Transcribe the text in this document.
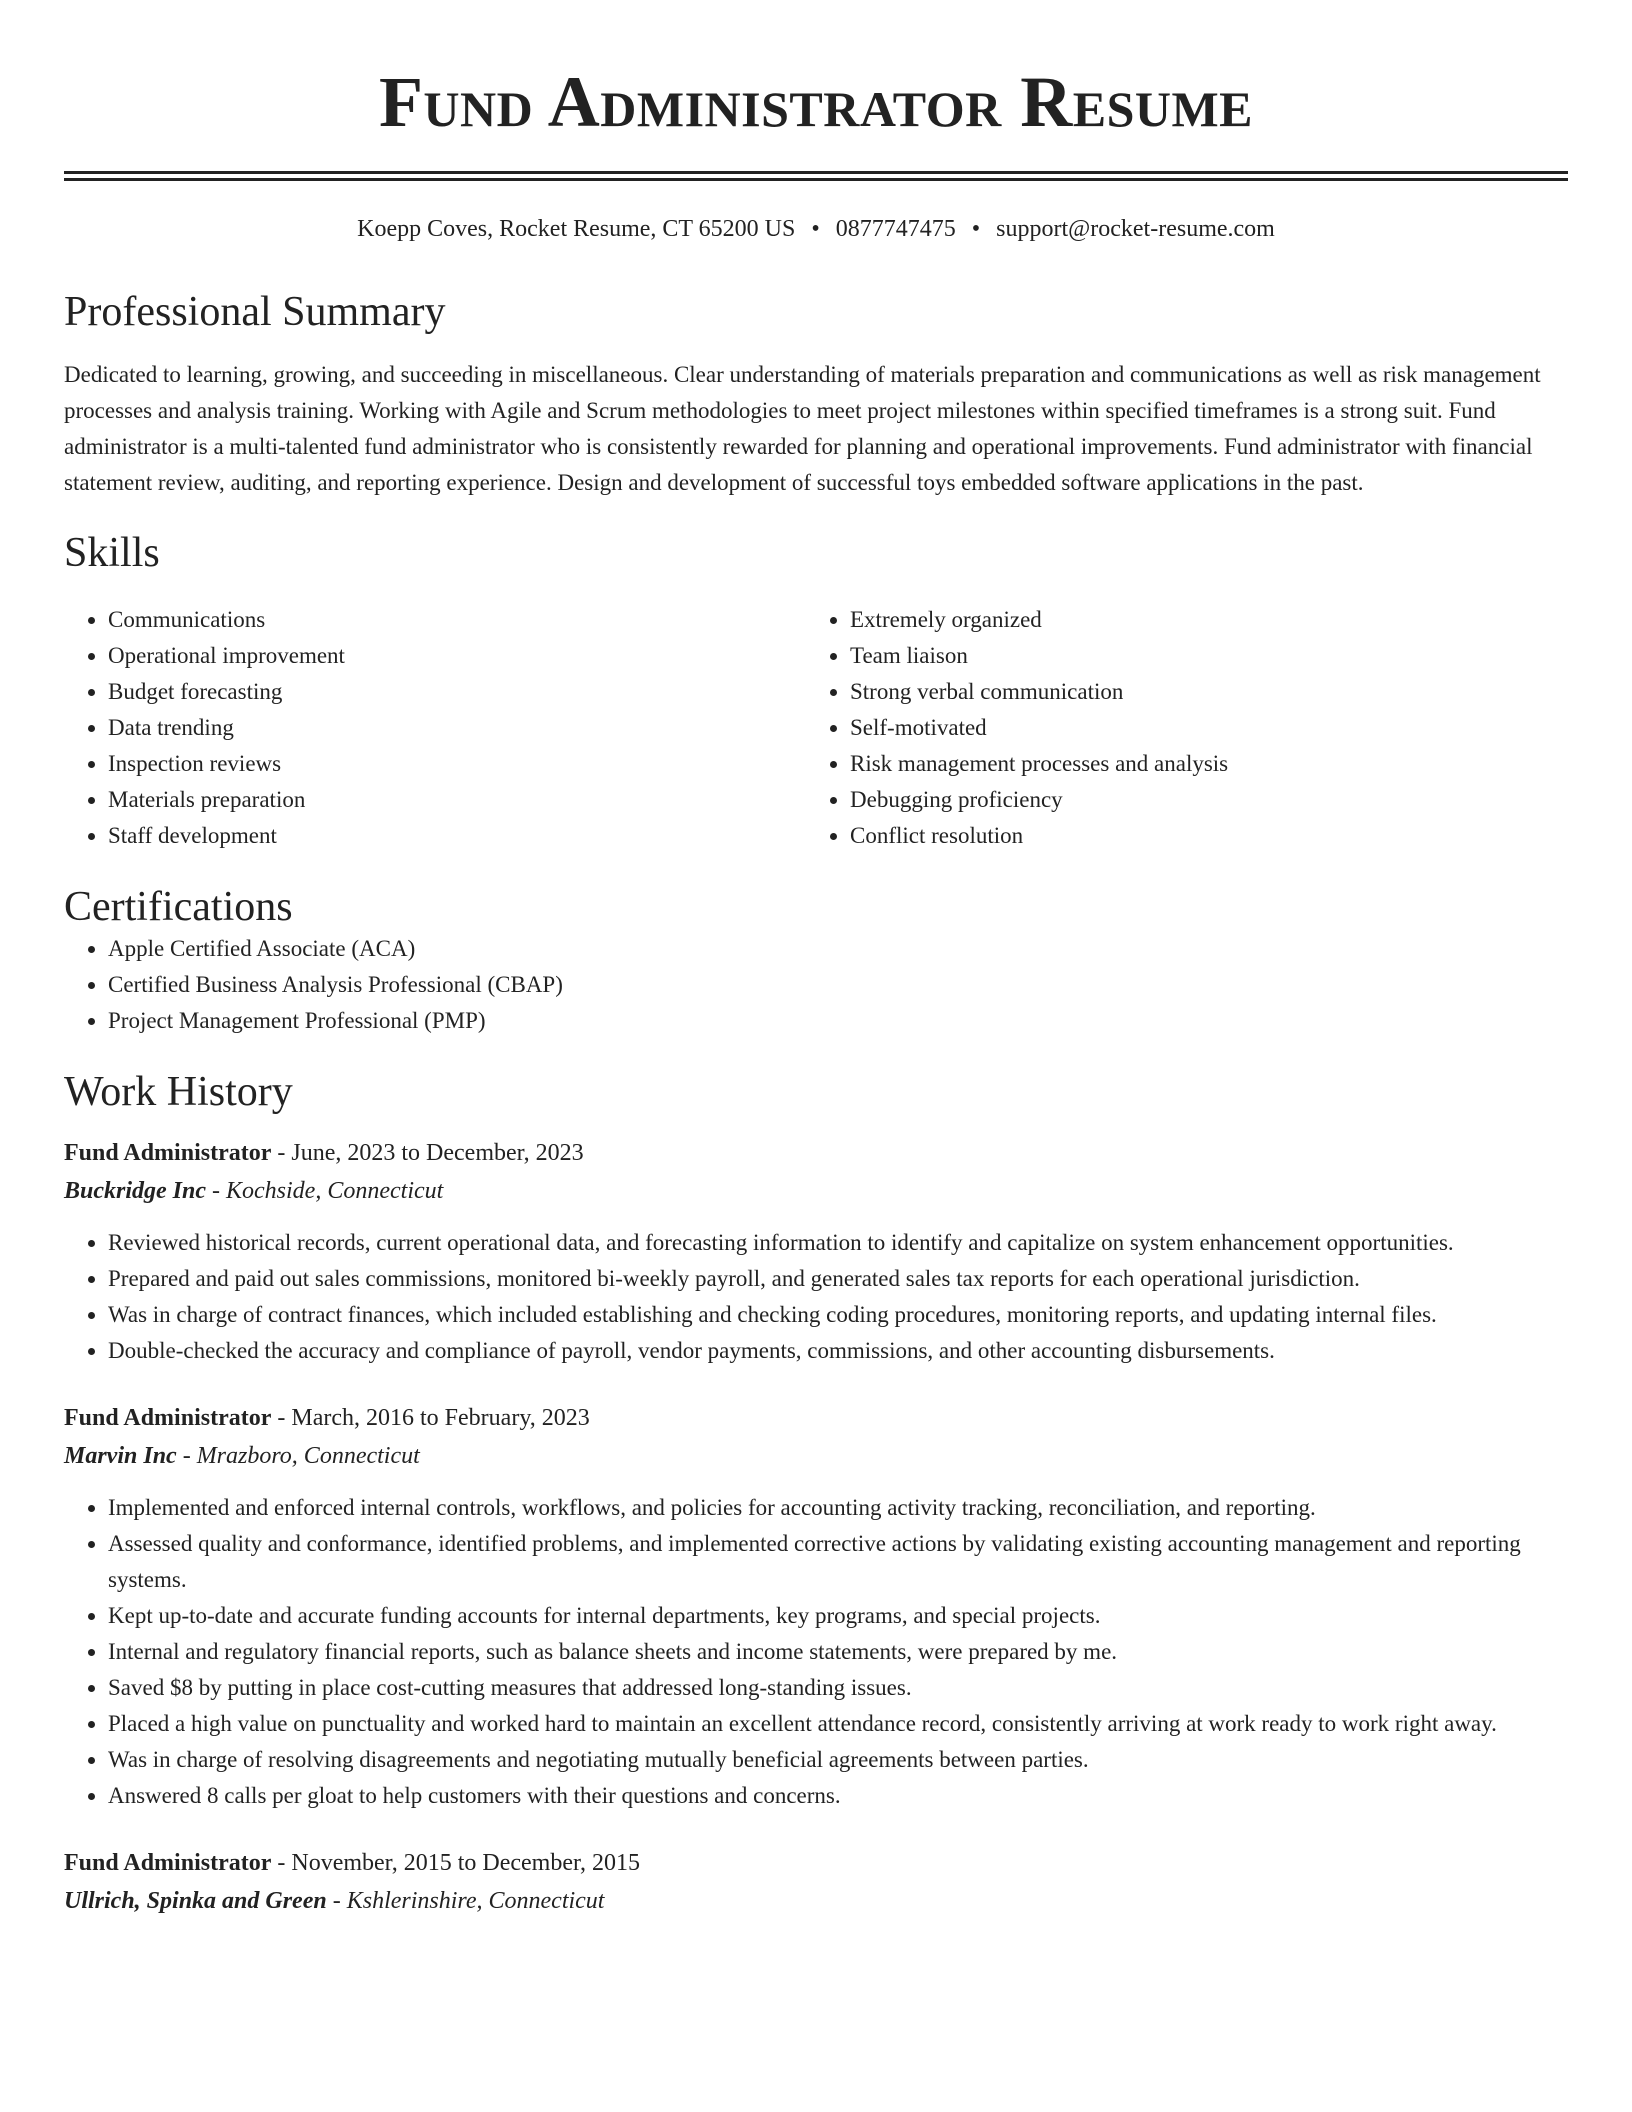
Fund Administrator Resume
Koepp Coves, Rocket Resume, CT 65200 US • 0877747475 • support@rocket-resume.com
Professional Summary

Dedicated to learning, growing, and succeeding in miscellaneous. Clear understanding of materials preparation and communications as well as risk management processes and analysis training. Working with Agile and Scrum methodologies to meet project milestones within specified timeframes is a strong suit. Fund administrator is a multi-talented fund administrator who is consistently rewarded for planning and operational improvements. Fund administrator with financial statement review, auditing, and reporting experience. Design and development of successful toys embedded software applications in the past.

Skills
• Communications
• Operational improvement
• Budget forecasting
• Data trending
• Inspection reviews
• Materials preparation
• Staff development
• Extremely organized
• Team liaison
• Strong verbal communication
• Self-motivated
• Risk management processes and analysis
• Debugging proficiency
• Conflict resolution
Certifications
• Apple Certified Associate (ACA)
• Certified Business Analysis Professional (CBAP)
• Project Management Professional (PMP)
Work History
Fund Administrator - June, 2023 to December, 2023
Buckridge Inc - Kochside, Connecticut
• Reviewed historical records, current operational data, and forecasting information to identify and capitalize on system enhancement opportunities.
• Prepared and paid out sales commissions, monitored bi-weekly payroll, and generated sales tax reports for each operational jurisdiction.
• Was in charge of contract finances, which included establishing and checking coding procedures, monitoring reports, and updating internal files.
• Double-checked the accuracy and compliance of payroll, vendor payments, commissions, and other accounting disbursements.
Fund Administrator - March, 2016 to February, 2023
Marvin Inc - Mrazboro, Connecticut
• Implemented and enforced internal controls, workflows, and policies for accounting activity tracking, reconciliation, and reporting.
• Assessed quality and conformance, identified problems, and implemented corrective actions by validating existing accounting management and reporting systems.
• Kept up-to-date and accurate funding accounts for internal departments, key programs, and special projects.
• Internal and regulatory financial reports, such as balance sheets and income statements, were prepared by me.
• Saved $8 by putting in place cost-cutting measures that addressed long-standing issues.
• Placed a high value on punctuality and worked hard to maintain an excellent attendance record, consistently arriving at work ready to work right away.
• Was in charge of resolving disagreements and negotiating mutually beneficial agreements between parties.
• Answered 8 calls per gloat to help customers with their questions and concerns.
Fund Administrator - November, 2015 to December, 2015
Ullrich, Spinka and Green - Kshlerinshire, Connecticut
